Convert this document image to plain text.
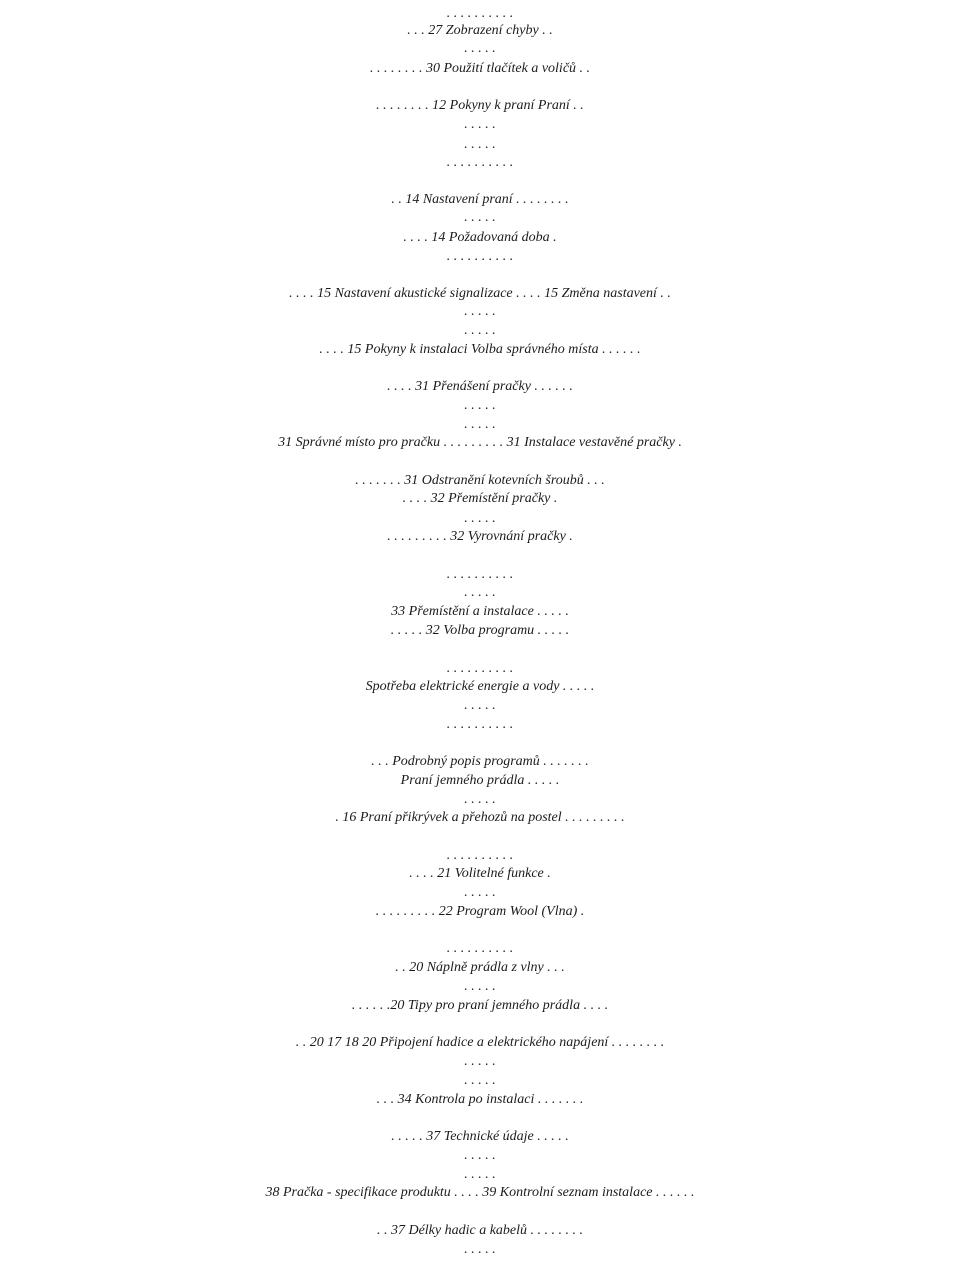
. . . . . . . . . .
. . . 27 Zobrazení chyby . .
. . . . .
. . . . . . . . 30 Použití tlačítek a voličů . .
. . . . . . . . 12 Pokyny k praní Praní . .
. . . . .
. . . . .
. . . . . . . . . .
. . 14 Nastavení praní . . . . . . . .
. . . . .
. . . . 14 Požadovaná doba .
. . . . . . . . . .
. . . . 15 Nastavení akustické signalizace . . . . 15 Změna nastavení . .
. . . . .
. . . . .
. . . . 15 Pokyny k instalaci Volba správného místa . . . . . .
. . . . 31 Přenášení pračky . . . . . .
. . . . .
. . . . .
31 Správné místo pro pračku . . . . . . . . . 31 Instalace vestavěné pračky .
. . . . . . . 31 Odstranění kotevních šroubů . . .
. . . . 32 Přemístění pračky .
. . . . .
. . . . . . . . . 32 Vyrovnání pračky .
. . . . . . . . . .
. . . . .
33 Přemístění a instalace . . . . .
. . . . . 32 Volba programu . . . . .
. . . . . . . . . .
Spotřeba elektrické energie a vody . . . . .
. . . . .
. . . . . . . . . .
. . . Podrobný popis programů . . . . . . .
Praní jemného prádla . . . . .
. . . . .
. 16 Praní přikrývek a přehozů na postel . . . . . . . . .
. . . . . . . . . .
. . . . 21 Volitelné funkce .
. . . . .
. . . . . . . . . 22 Program Wool (Vlna) .
. . . . . . . . . .
. . 20 Náplně prádla z vlny . . .
. . . . .
. . . . . .20 Tipy pro praní jemného prádla . . . .
. . 20 17 18 20 Připojení hadice a elektrického napájení . . . . . . . .
. . . . .
. . . . .
. . . 34 Kontrola po instalaci . . . . . . .
. . . . . 37 Technické údaje . . . . .
. . . . .
. . . . .
38 Pračka - specifikace produktu . . . . 39 Kontrolní seznam instalace . . . . . .
. . 37 Délky hadic a kabelů . . . . . . . .
. . . . .
